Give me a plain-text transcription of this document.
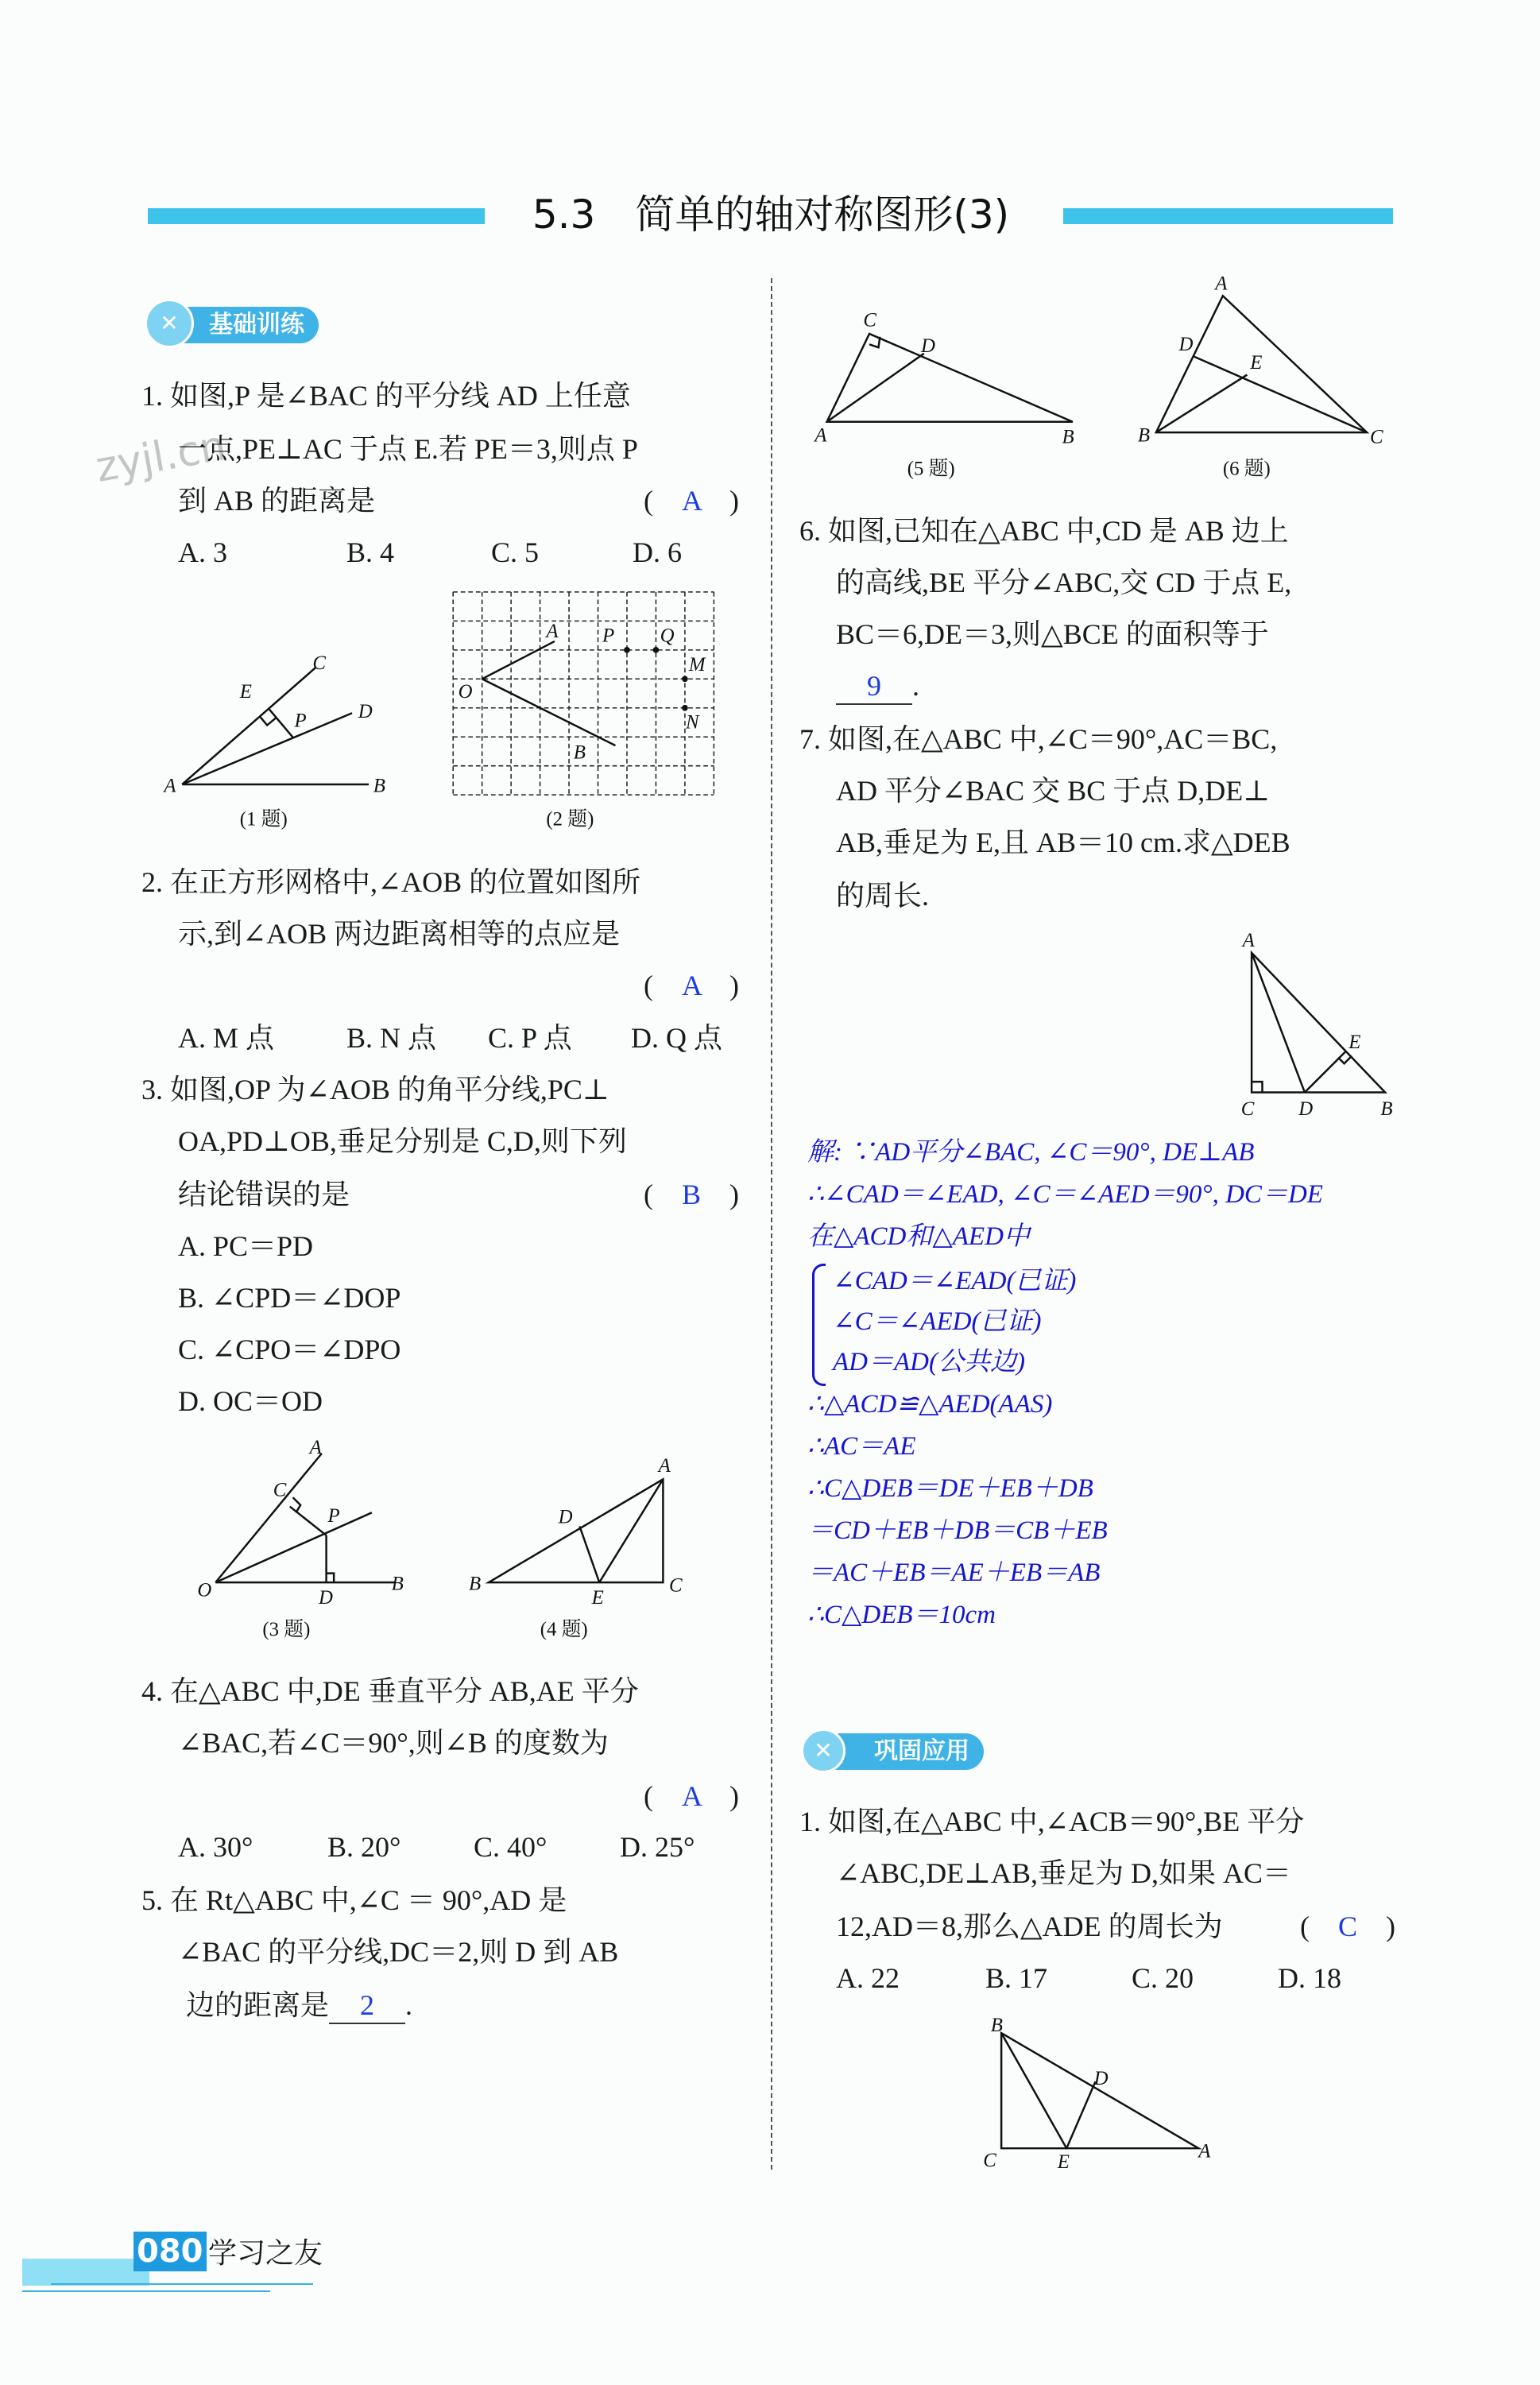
5.3　简单的轴对称图形(3)
✕	基础训练
zyjl.cn
1. 如图,P 是∠BAC 的平分线 AD 上任意
一点,PE⊥AC 于点 E.若 PE＝3,则点 P
到 AB 的距离是	(　A　)
A. 3	B. 4	C. 5	D. 6
2. 在正方形网格中,∠AOB 的位置如图所
示,到∠AOB 两边距离相等的点应是
(　A　)
A. M 点	B. N 点 C. P 点 D. Q 点
3. 如图,OP 为∠AOB 的角平分线,PC⊥
OA,PD⊥OB,垂足分别是 C,D,则下列
结论错误的是	(　B　)
A. PC＝PD
B. ∠CPD＝∠DOP
C. ∠CPO＝∠DPO
D. OC＝OD
4. 在△ABC 中,DE 垂直平分 AB,AE 平分
∠BAC,若∠C＝90°,则∠B 的度数为
(　A　)
A. 30°	B. 20°	C. 40°	D. 25°
5. 在 Rt△ABC 中,∠C ＝ 90°,AD 是
∠BAC 的平分线,DC＝2,则 D 到 AB
边的距离是 2 .
6. 如图,已知在△ABC 中,CD 是 AB 边上
的高线,BE 平分∠ABC,交 CD 于点 E,
BC＝6,DE＝3,则△BCE 的面积等于
9 .
7. 如图,在△ABC 中,∠C＝90°,AC＝BC,
AD 平分∠BAC 交 BC 于点 D,DE⊥
AB,垂足为 E,且 AB＝10 cm.求△DEB
的周长.
解: ∵AD平分∠BAC, ∠C＝90°, DE⊥AB
∴∠CAD＝∠EAD, ∠C＝∠AED＝90°, DC＝DE
在△ACD和△AED中
∠CAD＝∠EAD(已证)
∠C＝∠AED(已证)
AD＝AD(公共边)
∴△ACD≌△AED(AAS)
∴AC＝AE
∴C△DEB＝DE＋EB＋DB
＝CD＋EB＋DB＝CB＋EB
＝AC＋EB＝AE＋EB＝AB
∴C△DEB＝10cm
✕	巩固应用
1. 如图,在△ABC 中,∠ACB＝90°,BE 平分
∠ABC,DE⊥AB,垂足为 D,如果 AC＝
12,AD＝8,那么△ADE 的周长为	(　C　)
A. 22	B. 17	C. 20	D. 18
A	B
C
D
E
P
(1 题)
O
A
B
P	Q
M
N
(2 题)
O	B
A
C
P
D
(3 题)
B	C
A
D
E
(4 题)
A	B
C
D
(5 题)
A
B	C
D
E
(6 题)
A
C	D	B
E
B
C	E	A
D
080 学习之友
